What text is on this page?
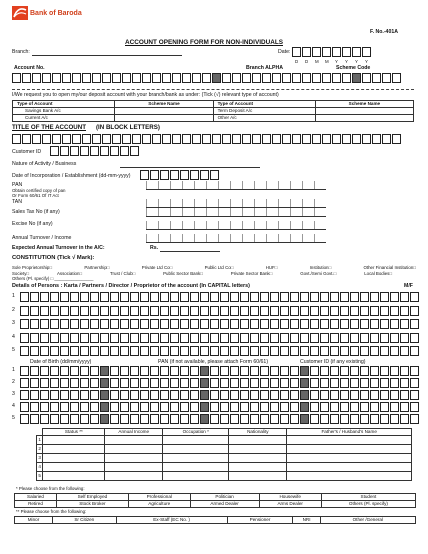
Bank of Baroda
F. No.-401A
ACCOUNT OPENING FORM FOR NON-INDIVIDUALS
Branch:	Date:
D	D	M	M	Y	Y	Y	Y
Account No.	Branch ALPHA	Scheme Code
I/We request you to open my/our deposit account with your branch/bank as under: (Tick (√) relevant type of account)
Type of Account	Scheme Name	Type of Account	Scheme Name
Savings Bank A/c		Term Deposit A/c	
Current A/c		Other A/c	
TITLE OF THE ACCOUNT (IN BLOCK LETTERS)
Customer ID
Nature of Activity / Business
Date of Incorporation / Establishment (dd-mm-yyyy)
PAN
Obtain certified copy of pan
Or Form 60/61 Of IT Act
TAN
Sales Tax No (if any)
Excise No (if any)
Annual Turnover / Income
Expected Annual Turnover in the A/C:	Rs.
CONSTITUTION (Tick √ Mark):
Sole Proprietorship□	Partnership□	Private Ltd Co□	Public Ltd Co□	HUF□	Institution□	Other Financial Institution□
Society□	Association□	Trust / Club□	Public Sector Bank□	Private Sector Bank□	Govt./Semi Govt.□	Local Bodies□
Others (Pl. specify) □ ________________
Details of Persons : Karta / Partners / Director / Proprietor of the account (In CAPITAL letters)	M/F
1
2
3
4
5
Date of Birth (dd/mm/yyyy)	PAN (if not available, please attach Form 60/61)	Customer ID (if any existing)
1
2
3
4
5
	Status **	Annual Income	Occupation *	Nationality	Father's / Husband's Name
1					
2					
3					
4					
5					
* Please choose from the following:
Salaried	Self Employed	Professional	Politician	Housewife	Student
Retired	Stock Broker	Agriculture	Armed Dealer	Arms Dealer	Others (Pl. specify)
** Please choose from the following:
Minor	Sr Citizen	Ex-Staff (EC No. )	Pensioner	NRI	Other /General
